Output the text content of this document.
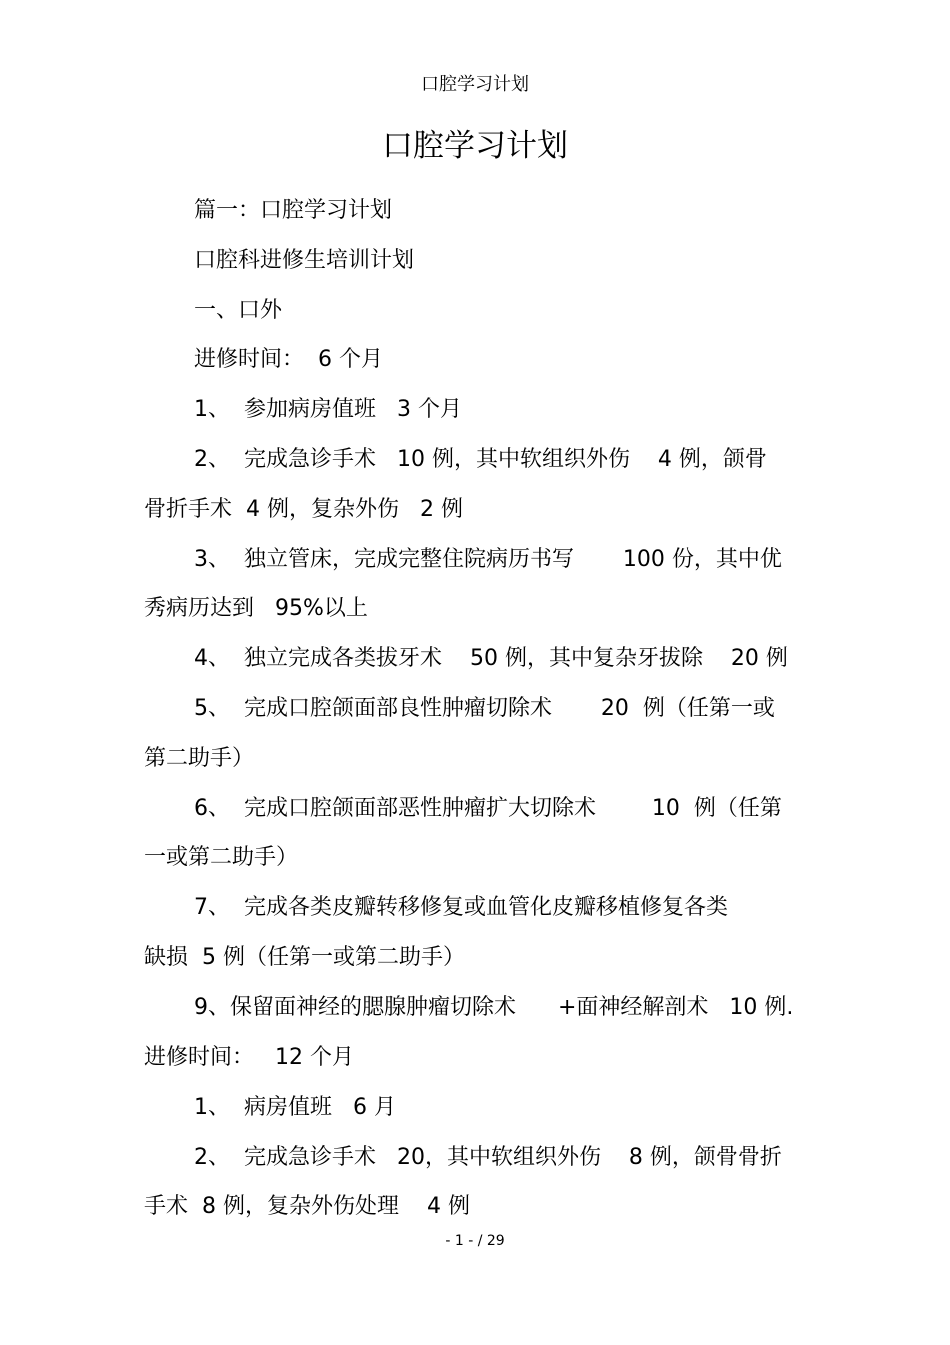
口腔学习计划
口腔学习计划
篇一：口腔学习计划
口腔科进修生培训计划
一、口外
进修时间：  6 个月
1、  参加病房值班   3 个月
2、  完成急诊手术   10 例，其中软组织外伤    4 例，颌骨
骨折手术  4 例，复杂外伤   2 例
3、  独立管床，完成完整住院病历书写       100 份，其中优
秀病历达到   95%以上
4、  独立完成各类拔牙术    50 例，其中复杂牙拔除    20 例
5、  完成口腔颌面部良性肿瘤切除术       20  例（任第一或
第二助手）
6、  完成口腔颌面部恶性肿瘤扩大切除术        10  例（任第
一或第二助手）
7、  完成各类皮瓣转移修复或血管化皮瓣移植修复各类
缺损  5 例（任第一或第二助手）
9、保留面神经的腮腺肿瘤切除术      +面神经解剖术   10 例.
进修时间：   12 个月
1、  病房值班   6 月
2、  完成急诊手术   20，其中软组织外伤    8 例，颌骨骨折
手术  8 例，复杂外伤处理    4 例
- 1 - / 29
